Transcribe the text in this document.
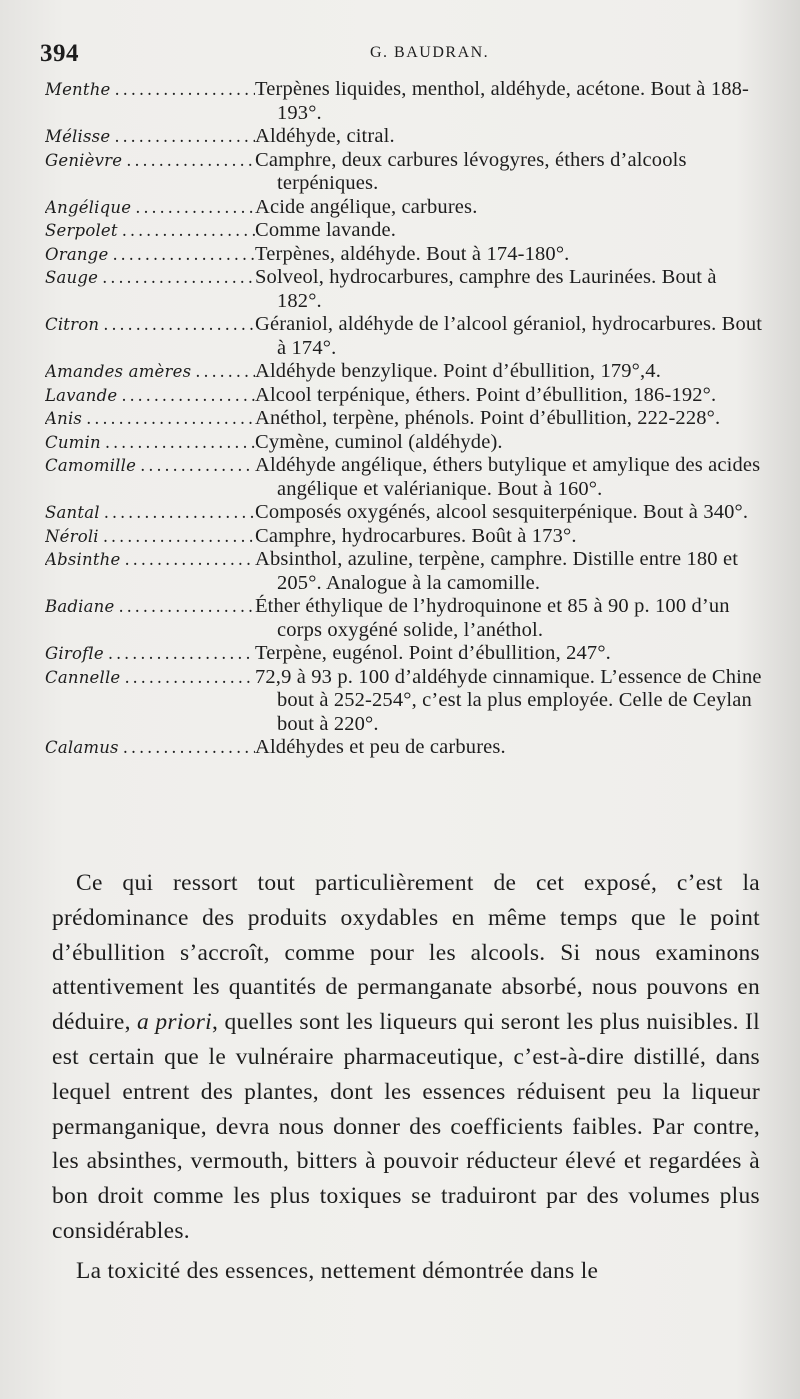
394	G. BAUDRAN.
Menthe . . .	Terpènes liquides, menthol, aldéhyde, acétone. Bout à 188-193°.
Mélisse . . .	Aldéhyde, citral.
Genièvre . . .	Camphre, deux carbures lévogyres, éthers d’alcools terpéniques.
Angélique . . .	Acide angélique, carbures.
Serpolet . . .	Comme lavande.
Orange . . .	Terpènes, aldéhyde. Bout à 174-180°.
Sauge . . .	Solveol, hydrocarbures, camphre des Laurinées. Bout à 182°.
Citron . . .	Géraniol, aldéhyde de l’alcool géraniol, hydrocarbures. Bout à 174°.
Amandes amères . . .	Aldéhyde benzylique. Point d’ébullition, 179°,4.
Lavande . . .	Alcool terpénique, éthers. Point d’ébullition, 186-192°.
Anis . . .	Anéthol, terpène, phénols. Point d’ébullition, 222-228°.
Cumin . . .	Cymène, cuminol (aldéhyde).
Camomille . . .	Aldéhyde angélique, éthers butylique et amylique des acides angélique et valérianique. Bout à 160°.
Santal . . .	Composés oxygénés, alcool sesquiterpénique. Bout à 340°.
Néroli . . .	Camphre, hydrocarbures. Boût à 173°.
Absinthe . . .	Absinthol, azuline, terpène, camphre. Distille entre 180 et 205°. Analogue à la camomille.
Badiane . . .	Éther éthylique de l’hydroquinone et 85 à 90 p. 100 d’un corps oxygéné solide, l’anéthol.
Girofle . . .	Terpène, eugénol. Point d’ébullition, 247°.
Cannelle . . .	72,9 à 93 p. 100 d’aldéhyde cinnamique. L’essence de Chine bout à 252-254°, c’est la plus employée. Celle de Ceylan bout à 220°.
Calamus . . .	Aldéhydes et peu de carbures.

Ce qui ressort tout particulièrement de cet exposé, c’est la prédominance des produits oxydables en même temps que le point d’ébullition s’accroît, comme pour les alcools. Si nous examinons attentivement les quantités de permanganate absorbé, nous pouvons en déduire, a priori, quelles sont les liqueurs qui seront les plus nuisibles. Il est certain que le vulnéraire pharmaceutique, c’est-à-dire distillé, dans lequel entrent des plantes, dont les essences réduisent peu la liqueur permanganique, devra nous donner des coefficients faibles. Par contre, les absinthes, vermouth, bitters à pouvoir réducteur élevé et regardées à bon droit comme les plus toxiques se traduiront par des volumes plus considérables.

La toxicité des essences, nettement démontrée dans le
